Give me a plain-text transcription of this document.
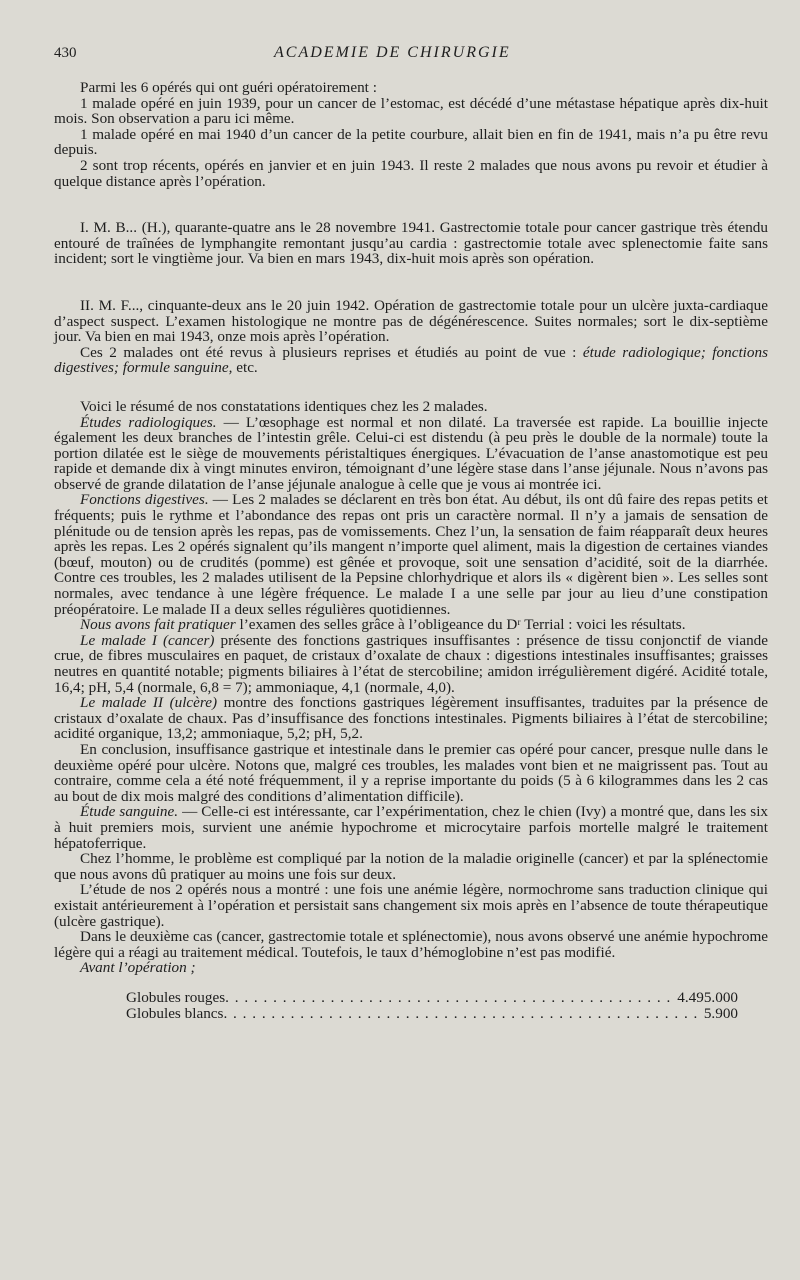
430	ACADEMIE DE CHIRURGIE

Parmi les 6 opérés qui ont guéri opératoirement :

1 malade opéré en juin 1939, pour un cancer de l’estomac, est décédé d’une métastase hépatique après dix-huit mois. Son observation a paru ici même.

1 malade opéré en mai 1940 d’un cancer de la petite courbure, allait bien en fin de 1941, mais n’a pu être revu depuis.

2 sont trop récents, opérés en janvier et en juin 1943. Il reste 2 malades que nous avons pu revoir et étudier à quelque distance après l’opération.

I. M. B... (H.), quarante-quatre ans le 28 novembre 1941. Gastrectomie totale pour cancer gastrique très étendu entouré de traînées de lymphangite remontant jusqu’au cardia : gastrectomie totale avec splenectomie faite sans incident; sort le vingtième jour. Va bien en mars 1943, dix-huit mois après son opération.

II. M. F..., cinquante-deux ans le 20 juin 1942. Opération de gastrectomie totale pour un ulcère juxta-cardiaque d’aspect suspect. L’examen histologique ne montre pas de dégénérescence. Suites normales; sort le dix-septième jour. Va bien en mai 1943, onze mois après l’opération.

Ces 2 malades ont été revus à plusieurs reprises et étudiés au point de vue : étude radiologique; fonctions digestives; formule sanguine, etc.

Voici le résumé de nos constatations identiques chez les 2 malades.

Études radiologiques. — L’œsophage est normal et non dilaté. La traversée est rapide. La bouillie injecte également les deux branches de l’intestin grêle. Celui-ci est distendu (à peu près le double de la normale) toute la portion dilatée est le siège de mouvements péristaltiques énergiques. L’évacuation de l’anse anastomotique est peu rapide et demande dix à vingt minutes environ, témoignant d’une légère stase dans l’anse jéjunale. Nous n’avons pas observé de grande dilatation de l’anse jéjunale analogue à celle que je vous ai montrée ici.

Fonctions digestives. — Les 2 malades se déclarent en très bon état. Au début, ils ont dû faire des repas petits et fréquents; puis le rythme et l’abondance des repas ont pris un caractère normal. Il n’y a jamais de sensation de plénitude ou de tension après les repas, pas de vomissements. Chez l’un, la sensation de faim réapparaît deux heures après les repas. Les 2 opérés signalent qu’ils mangent n’importe quel aliment, mais la digestion de certaines viandes (bœuf, mouton) ou de crudités (pomme) est gênée et provoque, soit une sensation d’acidité, soit de la diarrhée. Contre ces troubles, les 2 malades utilisent de la Pepsine chlorhydrique et alors ils « digèrent bien ». Les selles sont normales, avec tendance à une légère fréquence. Le malade I a une selle par jour au lieu d’une constipation préopératoire. Le malade II a deux selles régulières quotidiennes.

Nous avons fait pratiquer l’examen des selles grâce à l’obligeance du Dʳ Terrial : voici les résultats.

Le malade I (cancer) présente des fonctions gastriques insuffisantes : présence de tissu conjonctif de viande crue, de fibres musculaires en paquet, de cristaux d’oxalate de chaux : digestions intestinales insuffisantes; graisses neutres en quantité notable; pigments biliaires à l’état de stercobiline; amidon irrégulièrement digéré. Acidité totale, 16,4; pH, 5,4 (normale, 6,8 = 7); ammoniaque, 4,1 (normale, 4,0).

Le malade II (ulcère) montre des fonctions gastriques légèrement insuffisantes, traduites par la présence de cristaux d’oxalate de chaux. Pas d’insuffisance des fonctions intestinales. Pigments biliaires à l’état de stercobiline; acidité organique, 13,2; ammoniaque, 5,2; pH, 5,2.

En conclusion, insuffisance gastrique et intestinale dans le premier cas opéré pour cancer, presque nulle dans le deuxième opéré pour ulcère. Notons que, malgré ces troubles, les malades vont bien et ne maigrissent pas. Tout au contraire, comme cela a été noté fréquemment, il y a reprise importante du poids (5 à 6 kilogrammes dans les 2 cas au bout de dix mois malgré des conditions d’alimentation difficile).

Étude sanguine. — Celle-ci est intéressante, car l’expérimentation, chez le chien (Ivy) a montré que, dans les six à huit premiers mois, survient une anémie hypochrome et microcytaire parfois mortelle malgré le traitement hépatoferrique.

Chez l’homme, le problème est compliqué par la notion de la maladie originelle (cancer) et par la splénectomie que nous avons dû pratiquer au moins une fois sur deux.

L’étude de nos 2 opérés nous a montré : une fois une anémie légère, normochrome sans traduction clinique qui existait antérieurement à l’opération et persistait sans changement six mois après en l’absence de toute thérapeutique (ulcère gastrique).

Dans le deuxième cas (cancer, gastrectomie totale et splénectomie), nous avons observé une anémie hypochrome légère qui a réagi au traitement médical. Toutefois, le taux d’hémoglobine n’est pas modifié.

Avant l’opération ;

Globules rouges . . .	4.495.000
Globules blancs . . .	5.900
